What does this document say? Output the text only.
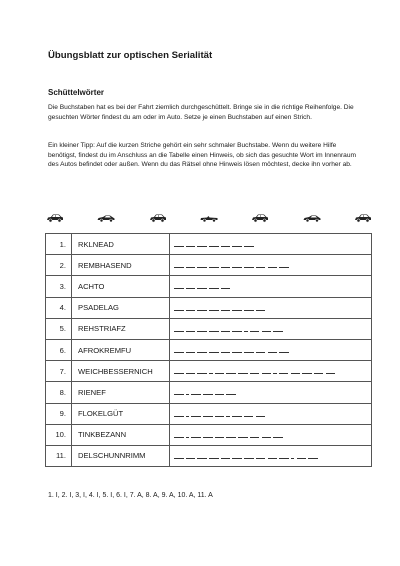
Übungsblatt zur optischen Serialität
Schüttelwörter

Die Buchstaben hat es bei der Fahrt ziemlich durchgeschüttelt. Bringe sie in die richtige Reihenfolge. Die gesuchten Wörter findest du am oder im Auto. Setze je einen Buchstaben auf einen Strich.

Ein kleiner Tipp: Auf die kurzen Striche gehört ein sehr schmaler Buchstabe. Wenn du weitere Hilfe benötigst, findest du im Anschluss an die Tabelle einen Hinweis, ob sich das gesuchte Wort im Innenraum des Autos befindet oder außen. Wenn du das Rätsel ohne Hinweis lösen möchtest, decke ihn vorher ab.

1.	RKLNEAD	
2.	REMBHASEND	
3.	ACHTO	
4.	PSADELAG	
5.	REHSTRIAFZ	
6.	AFROKREMFU	
7.	WEICHBESSERNICH	
8.	RIENEF	
9.	FLOKELGÜT	
10.	TINKBEZANN	
11.	DELSCHUNNRIMM	
1. I, 2. I, 3, I, 4. I, 5. I, 6. I, 7. A, 8. A, 9. A, 10. A, 11. A
